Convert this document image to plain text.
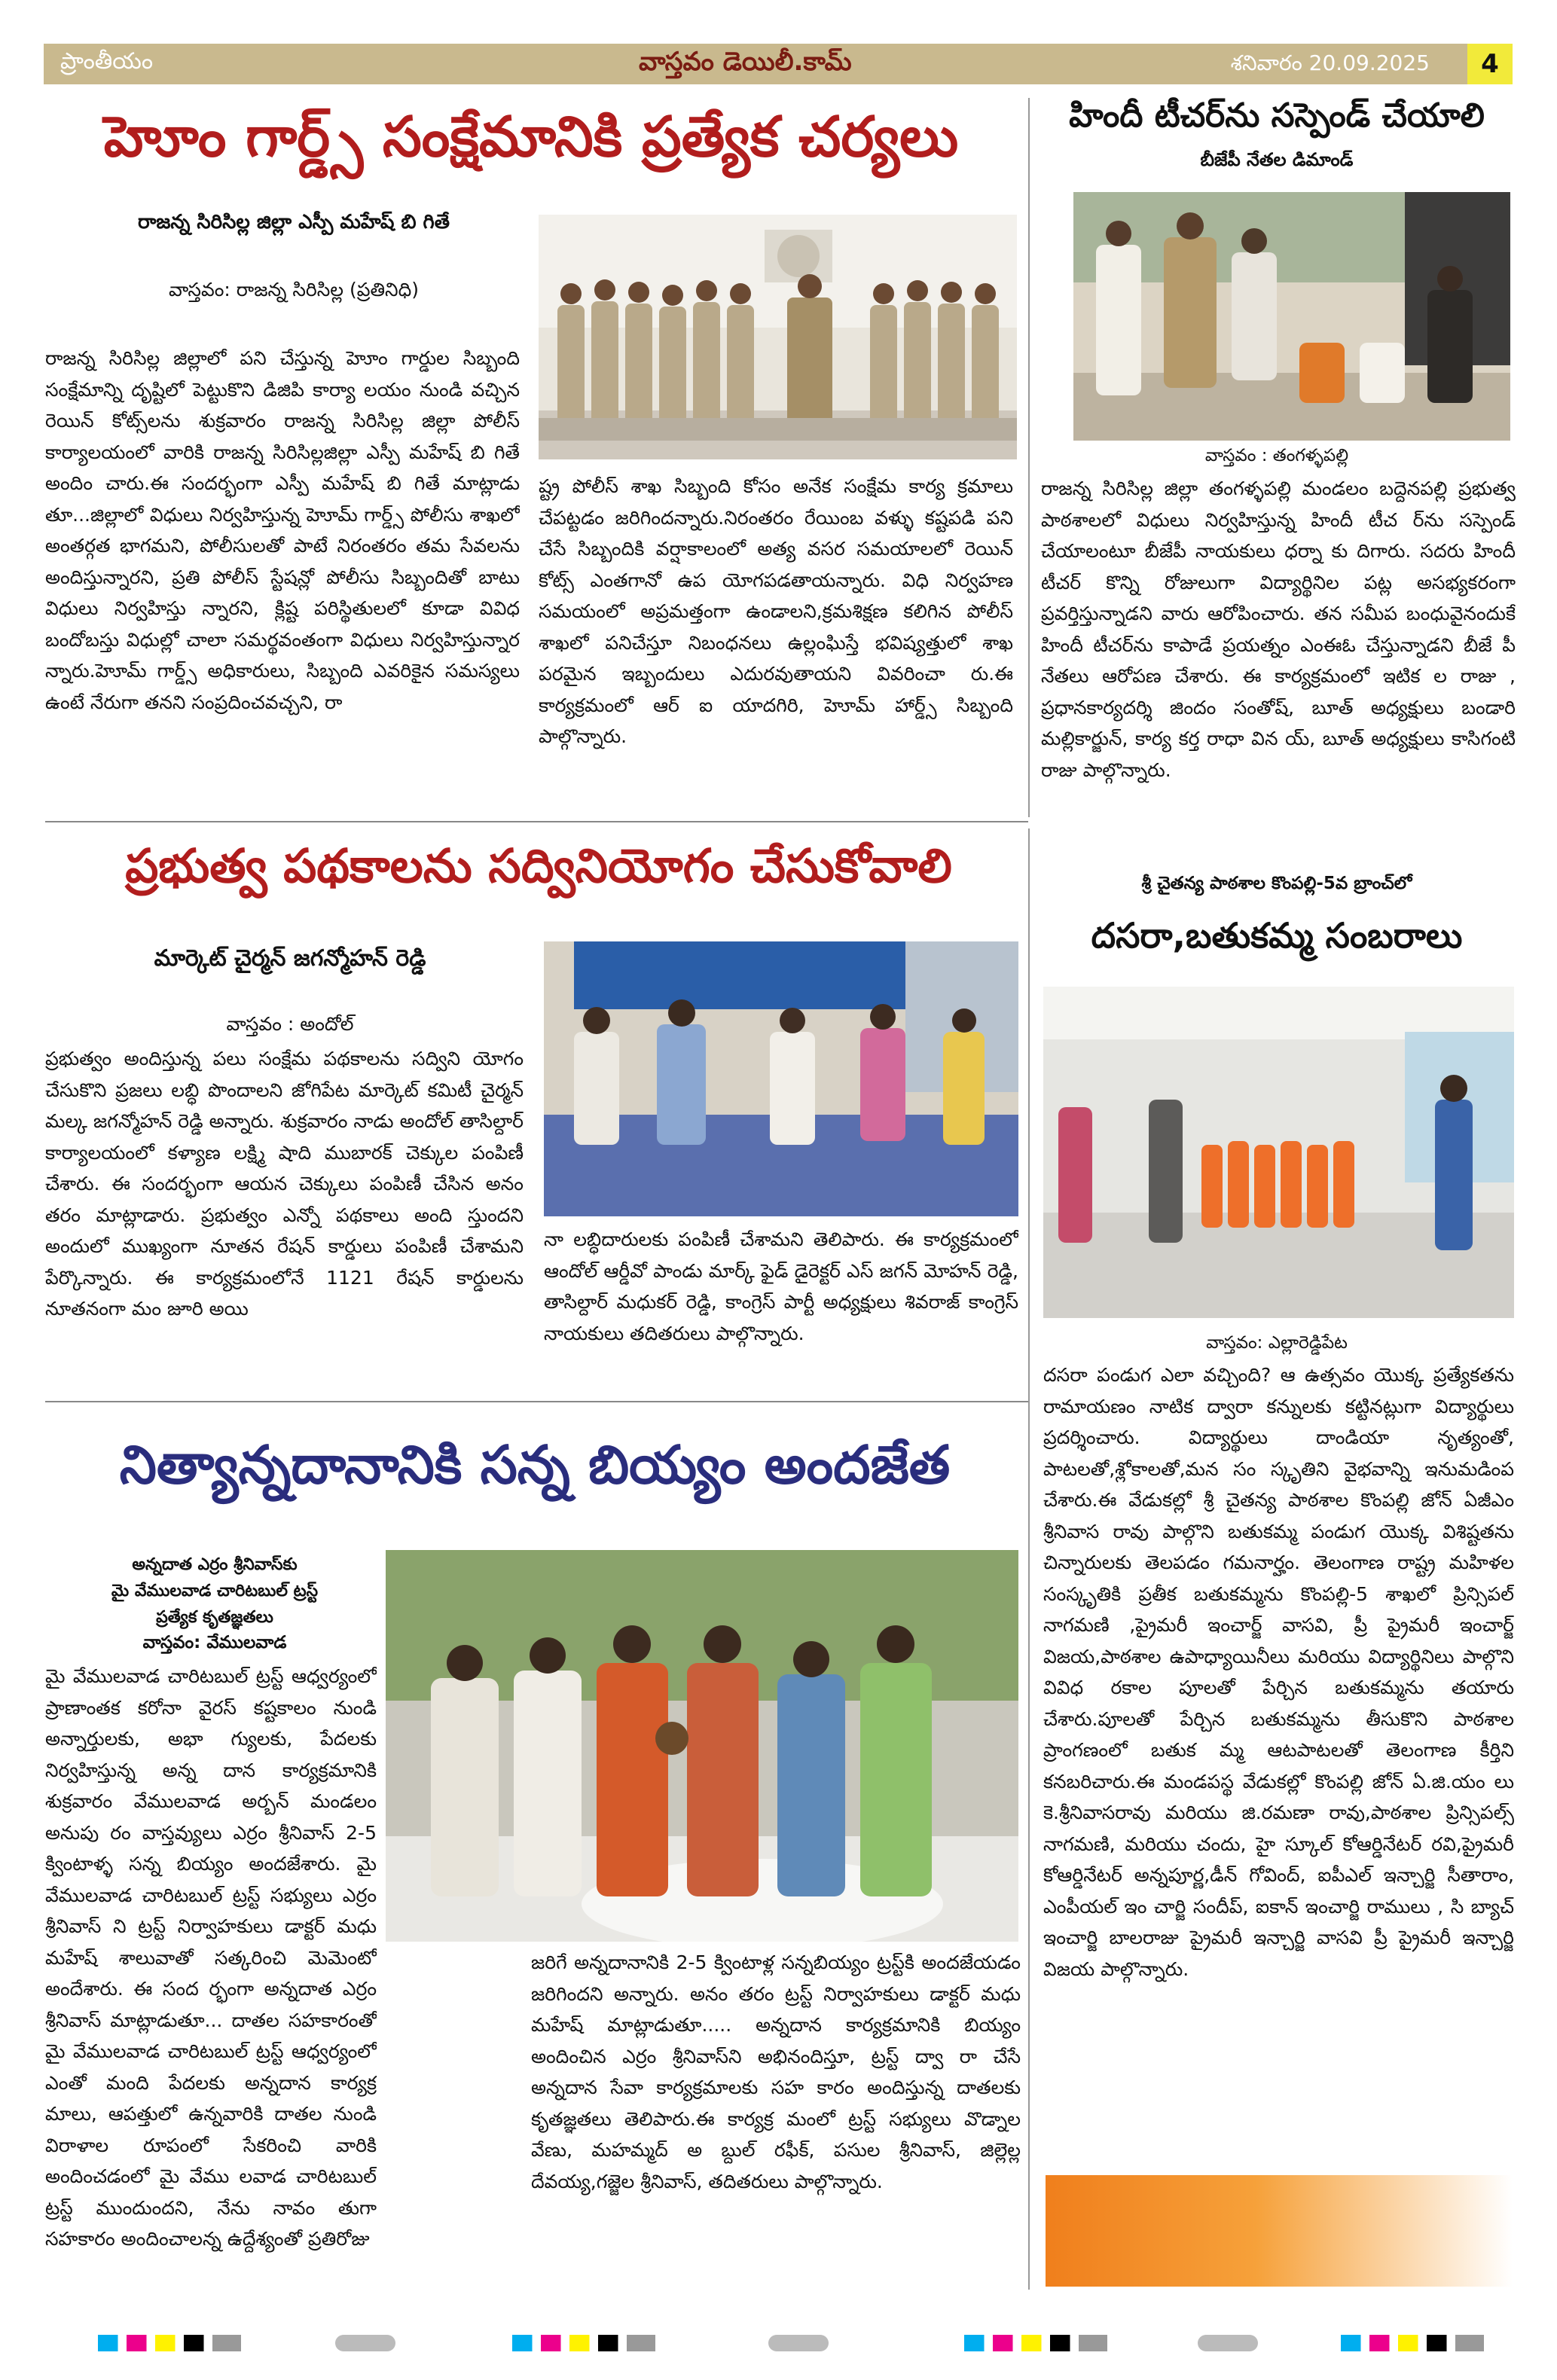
ప్రాంతీయం	వాస్తవం డెయిలీ.కామ్	శనివారం 20.09.2025	4
హెూం గార్డ్స్ సంక్షేమానికి ప్రత్యేక చర్యలు
రాజన్న సిరిసిల్ల జిల్లా ఎస్పీ మహేష్ బి గితే
వాస్తవం: రాజన్న సిరిసిల్ల (ప్రతినిధి)
రాజన్న సిరిసిల్ల జిల్లాలో పని చేస్తున్న హెూం గార్డుల సిబ్బంది సంక్షేమాన్ని దృష్టిలో పెట్టుకొని డిజిపి కార్యా లయం నుండి వచ్చిన రెయిన్ కోట్స్‌లను శుక్రవారం రాజన్న సిరిసిల్ల జిల్లా పోలీస్ కార్యాలయంలో వారికి రాజన్న సిరిసిల్లజిల్లా ఎస్పీ మహేష్ బి గితే అందిం చారు.ఈ సందర్భంగా ఎస్పీ మహేష్ బి గితే మాట్లాడు తూ...జిల్లాలో విధులు నిర్వహిస్తున్న హెూమ్ గార్డ్స్ పోలీసు శాఖలో అంతర్గత భాగమని, పోలీసులతో పాటే నిరంతరం తమ సేవలను అందిస్తున్నారని, ప్రతి పోలీస్ స్టేషన్లో పోలీసు సిబ్బందితో బాటు విధులు నిర్వహిస్తు న్నారని, క్లిష్ట పరిస్థితులలో కూడా వివిధ బందోబస్తు విధుల్లో చాలా సమర్థవంతంగా విధులు నిర్వహిస్తున్నార న్నారు.హెూమ్ గార్డ్స్ అధికారులు, సిబ్బంది ఎవరికైన సమస్యలు ఉంటే నేరుగా తనని సంప్రదించవచ్చని, రా
ష్ట్ర పోలీస్ శాఖ సిబ్బంది కోసం అనేక సంక్షేమ కార్య క్రమాలు చేపట్టడం జరిగిందన్నారు.నిరంతరం రేయింబ వళ్ళు కష్టపడి పని చేసే సిబ్బందికి వర్షాకాలంలో అత్య వసర సమయాలలో రెయిన్ కోట్స్ ఎంతగానో ఉప యోగపడతాయన్నారు. విధి నిర్వహణ సమయంలో అప్రమత్తంగా ఉండాలని,క్రమశిక్షణ కలిగిన పోలీస్ శాఖలో పనిచేస్తూ నిబంధనలు ఉల్లంఘిస్తే భవిష్యత్తులో శాఖ పరమైన ఇబ్బందులు ఎదురవుతాయని వివరించా రు.ఈ కార్యక్రమంలో ఆర్ ఐ యాదగిరి, హెూమ్ హార్డ్స్ సిబ్బంది పాల్గొన్నారు.
హిందీ టీచర్‌ను సస్పెండ్ చేయాలి
బీజేపీ నేతల డిమాండ్
వాస్తవం : తంగళ్ళపల్లి
రాజన్న సిరిసిల్ల జిల్లా తంగళ్ళపల్లి మండలం బద్దెనపల్లి ప్రభుత్వ పాఠశాలలో విధులు నిర్వహిస్తున్న హిందీ టీచ ర్‌ను సస్పెండ్ చేయాలంటూ బీజేపీ నాయకులు ధర్నా కు దిగారు. సదరు హిందీ టీచర్ కొన్ని రోజులుగా విద్యార్థినిల పట్ల అసభ్యకరంగా ప్రవర్తిస్తున్నాడని వారు ఆరోపించారు. తన సమీప బంధువైనందుకే హిందీ టీచర్‌ను కాపాడే ప్రయత్నం ఎంఈఓ చేస్తున్నాడని బీజే పీ నేతలు ఆరోపణ చేశారు. ఈ కార్యక్రమంలో ఇటిక ల రాజు , ప్రధానకార్యదర్శి జిందం సంతోష్, బూత్ అధ్యక్షులు బండారి మల్లికార్జున్, కార్య కర్త రాధా విన య్, బూత్ అధ్యక్షులు కాసిగంటి రాజు పాల్గొన్నారు.
ప్రభుత్వ పథకాలను సద్వినియోగం చేసుకోవాలి
మార్కెట్ చైర్మన్ జగన్మోహన్ రెడ్డి
వాస్తవం : అందోల్
ప్రభుత్వం అందిస్తున్న పలు సంక్షేమ పథకాలను సద్విని యోగం చేసుకొని ప్రజలు లబ్ధి పొందాలని జోగిపేట మార్కెట్ కమిటీ చైర్మన్ మల్క జగన్మోహన్ రెడ్డి అన్నారు. శుక్రవారం నాడు అందోల్ తాసిల్దార్ కార్యాలయంలో కళ్యాణ లక్ష్మి షాది ముబారక్ చెక్కుల పంపిణీ చేశారు. ఈ సందర్భంగా ఆయన చెక్కులు పంపిణీ చేసిన అనం తరం మాట్లాడారు. ప్రభుత్వం ఎన్నో పథకాలు అంది స్తుందని అందులో ముఖ్యంగా నూతన రేషన్ కార్డులు పంపిణీ చేశామని పేర్కొన్నారు. ఈ కార్యక్రమంలోనే 1121 రేషన్ కార్డులను నూతనంగా మం జూరి అయి
నా లబ్ధిదారులకు పంపిణీ చేశామని తెలిపారు. ఈ కార్యక్రమంలో ఆందోల్ ఆర్డీవో పాండు మార్క్ ఫైడ్ డైరెక్టర్ ఎస్ జగన్ మోహన్ రెడ్డి, తాసిల్దార్ మధుకర్ రెడ్డి, కాంగ్రెస్ పార్టీ అధ్యక్షులు శివరాజ్ కాంగ్రెస్ నాయకులు తదితరులు పాల్గొన్నారు.
శ్రీ చైతన్య పాఠశాల కొంపల్లి-5వ బ్రాంచ్‌లో
దసరా,బతుకమ్మ సంబరాలు
వాస్తవం: ఎల్లారెడ్డిపేట
దసరా పండుగ ఎలా వచ్చింది? ఆ ఉత్సవం యొక్క ప్రత్యేకతను రామాయణం నాటిక ద్వారా కన్నులకు కట్టినట్లుగా విద్యార్థులు ప్రదర్శించారు. విద్యార్థులు దాండియా నృత్యంతో, పాటలతో,శ్లోకాలతో,మన సం స్కృతిని వైభవాన్ని ఇనుమడింప చేశారు.ఈ వేడుకల్లో శ్రీ చైతన్య పాఠశాల కొంపల్లి జోన్ ఏజీఎం శ్రీనివాస రావు పాల్గొని బతుకమ్మ పండుగ యొక్క విశిష్టతను చిన్నారులకు తెలపడం గమనార్హం. తెలంగాణ రాష్ట్ర మహిళల సంస్కృతికి ప్రతీక బతుకమ్మను కొంపల్లి-5 శాఖలో ప్రిన్సిపల్ నాగమణి ,ప్రైమరీ ఇంచార్జ్ వాసవి, ప్రీ ప్రైమరీ ఇంచార్జ్ విజయ,పాఠశాల ఉపాధ్యాయినీలు మరియు విద్యార్థినిలు పాల్గొని వివిధ రకాల పూలతో పేర్చిన బతుకమ్మను తయారు చేశారు.పూలతో పేర్చిన బతుకమ్మను తీసుకొని పాఠశాల ప్రాంగణంలో బతుక మ్మ ఆటపాటలతో తెలంగాణ కీర్తిని కనబరిచారు.ఈ మండపస్థ వేడుకల్లో కొంపల్లి జోన్ ఏ.జి.యం లు కె.శ్రీనివాసరావు మరియు జి.రమణా రావు,పాఠశాల ప్రిన్సిపల్స్ నాగమణి, మరియు చందు, హై స్కూల్ కోఆర్డినేటర్ రవి,ప్రైమరీ కోఆర్డినేటర్ అన్నపూర్ణ,డీన్ గోవింద్, ఐపీఎల్ ఇన్చార్జి సీతారాం, ఎంపీయల్ ఇం చార్జి సందీప్, ఐకాన్ ఇంచార్జి రాములు , సి బ్యాచ్ ఇంచార్జి బాలరాజు ప్రైమరీ ఇన్చార్జి వాసవి ప్రీ ప్రైమరీ ఇన్చార్జి విజయ పాల్గొన్నారు.
నిత్యాన్నదానానికి సన్న బియ్యం అందజేత
అన్నదాత ఎర్రం శ్రీనివాస్‌కు
మై వేములవాడ చారిటబుల్ ట్రస్ట్
ప్రత్యేక కృతజ్ఞతలు
వాస్తవం: వేములవాడ
మై వేములవాడ చారిటబుల్ ట్రస్ట్ ఆధ్వర్యంలో ప్రాణాంతక కరోనా వైరస్ కష్టకాలం నుండి అన్నార్తులకు, అభా గ్యులకు, పేదలకు నిర్వహిస్తున్న అన్న దాన కార్యక్రమానికి శుక్రవారం వేములవాడ అర్బన్ మండలం అనుపు రం వాస్తవ్యులు ఎర్రం శ్రీనివాస్ 2-5 క్వింటాళ్ళ సన్న బియ్యం అందజేశారు. మై వేములవాడ చారిటబుల్ ట్రస్ట్ సభ్యులు ఎర్రం శ్రీనివాస్ ని ట్రస్ట్ నిర్వాహకులు డాక్టర్ మధు మహేష్ శాలువాతో సత్కరించి మెమెంటో అందేశారు. ఈ సంద ర్భంగా అన్నదాత ఎర్రం శ్రీనివాస్ మాట్లాడుతూ... దాతల సహకారంతో మై వేములవాడ చారిటబుల్ ట్రస్ట్ ఆధ్వర్యంలో ఎంతో మంది పేదలకు అన్నదాన కార్యక్ర మాలు, ఆపత్తులో ఉన్నవారికి దాతల నుండి విరాళాల రూపంలో సేకరించి వారికి అందించడంలో మై వేము లవాడ చారిటబుల్ ట్రస్ట్ ముందుందని, నేను నావం తుగా సహకారం అందించాలన్న ఉద్దేశ్యంతో ప్రతిరోజు
జరిగే అన్నదానానికి 2-5 క్వింటాళ్ల సన్నబియ్యం ట్రస్ట్‌కి అందజేయడం జరిగిందని అన్నారు. అనం తరం ట్రస్ట్ నిర్వాహకులు డాక్టర్ మధు మహేష్ మాట్లాడుతూ..... అన్నదాన కార్యక్రమానికి బియ్యం అందించిన ఎర్రం శ్రీనివాస్‌ని అభినందిస్తూ, ట్రస్ట్ ద్వా రా చేసే అన్నదాన సేవా కార్యక్రమాలకు సహ కారం అందిస్తున్న దాతలకు కృతజ్ఞతలు తెలిపారు.ఈ కార్యక్ర మంలో ట్రస్ట్ సభ్యులు వొడ్నాల వేణు, మహమ్మద్ అ బ్దుల్ రఫీక్, పసుల శ్రీనివాస్, జిల్లెల్ల దేవయ్య,గజ్జెల శ్రీనివాస్, తదితరులు పాల్గొన్నారు.
